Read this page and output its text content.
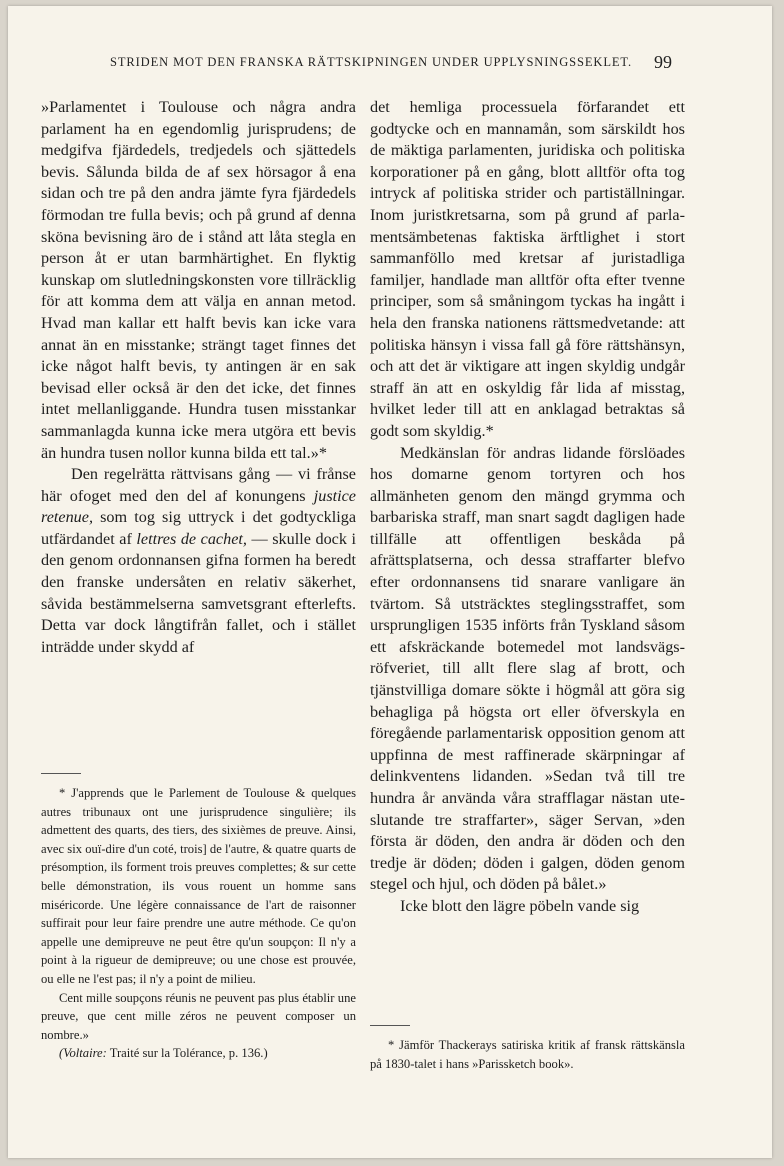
STRIDEN MOT DEN FRANSKA RÄTTSKIPNINGEN UNDER UPPLYSNINGSSEKLET. 99

»Parlamentet i Toulouse och några andra parlament ha en egendomlig jurisprudens; de medgifva fjärdedels, tredjedels och sjättedels bevis. Sålunda bilda de af sex hörsagor å ena sidan och tre på den andra jämte fyra fjärdedels förmodan tre fulla bevis; och på grund af denna sköna bevisning äro de i stånd att låta stegla en person åt er utan barmhärtighet. En flyktig kunskap om slutledningskonsten vore tillräcklig för att komma dem att välja en annan metod. Hvad man kallar ett halft bevis kan icke vara annat än en misstanke; strängt taget finnes det icke något halft bevis, ty antingen är en sak bevisad eller också är den det icke, det finnes intet mellanliggande. Hundra tusen misstankar sammanlagda kunna icke mera utgöra ett bevis än hundra tusen nollor kunna bilda ett tal.»*

Den regelrätta rättvisans gång — vi frånse här ofoget med den del af konungens justice retenue, som tog sig uttryck i det godtyckliga utfärdandet af lettres de cachet, — skulle dock i den genom ordonnansen gifna formen ha beredt den franske undersåten en relativ säkerhet, såvida bestämmelserna samvetsgrant efterlefts. Detta var dock långtifrån fallet, och i stället inträdde under skydd af

* J'apprends que le Parlement de Toulouse & quelques autres tribunaux ont une jurisprudence singulière; ils admettent des quarts, des tiers, des sixièmes de preuve. Ainsi, avec six ouï-dire d'un coté, trois] de l'autre, & quatre quarts de présomption, ils forment trois preuves complettes; & sur cette belle démonstration, ils vous rouent un homme sans miséricorde. Une légère connaissance de l'art de raisonner suffirait pour leur faire prendre une autre méthode. Ce qu'on appelle une demipreuve ne peut être qu'un soupçon: Il n'y a point à la rigueur de demipreuve; ou une chose est prouvée, ou elle ne l'est pas; il n'y a point de milieu.

Cent mille soupçons réunis ne peuvent pas plus établir une preuve, que cent mille zéros ne peuvent composer un nombre.»

(Voltaire: Traité sur la Tolérance, p. 136.)

det hemliga processuela förfarandet ett godtycke och en mannamån, som särskildt hos de mäktiga parlamenten, juridiska och politiska korporationer på en gång, blott alltför ofta tog intryck af politiska strider och partiställningar. Inom juristkretsarna, som på grund af parlamentsämbetenas faktiska ärftlighet i stort sammanföllo med kretsar af juristadliga familjer, handlade man alltför ofta efter tvenne principer, som så småningom tyckas ha ingått i hela den franska nationens rättsmedvetande: att politiska hänsyn i vissa fall gå före rättshänsyn, och att det är viktigare att ingen skyldig undgår straff än att en oskyldig får lida af misstag, hvilket leder till att en anklagad betraktas så godt som skyldig.*

Medkänslan för andras lidande förslöades hos domarne genom tortyren och hos allmänheten genom den mängd grymma och barbariska straff, man snart sagdt dagligen hade tillfälle att offentligen beskåda på afrättsplatserna, och dessa straffarter blefvo efter ordonnansens tid snarare vanligare än tvärtom. Så utsträcktes steglingsstraffet, som ursprungligen 1535 införts från Tyskland såsom ett afskräckande botemedel mot landsvägsröfveriet, till allt flere slag af brott, och tjänstvilliga domare sökte i högmål att göra sig behagliga på högsta ort eller öfverskyla en föregående parlamentarisk opposition genom att uppfinna de mest raffinerade skärpningar af delinkventens lidanden. »Sedan två till tre hundra år använda våra strafflagar nästan uteslutande tre straffarter», säger Servan, »den första är döden, den andra är döden och den tredje är döden; döden i galgen, döden genom stegel och hjul, och döden på bålet.»

Icke blott den lägre pöbeln vande sig

* Jämför Thackerays satiriska kritik af fransk rättskänsla på 1830-talet i hans »Parissketch book».
